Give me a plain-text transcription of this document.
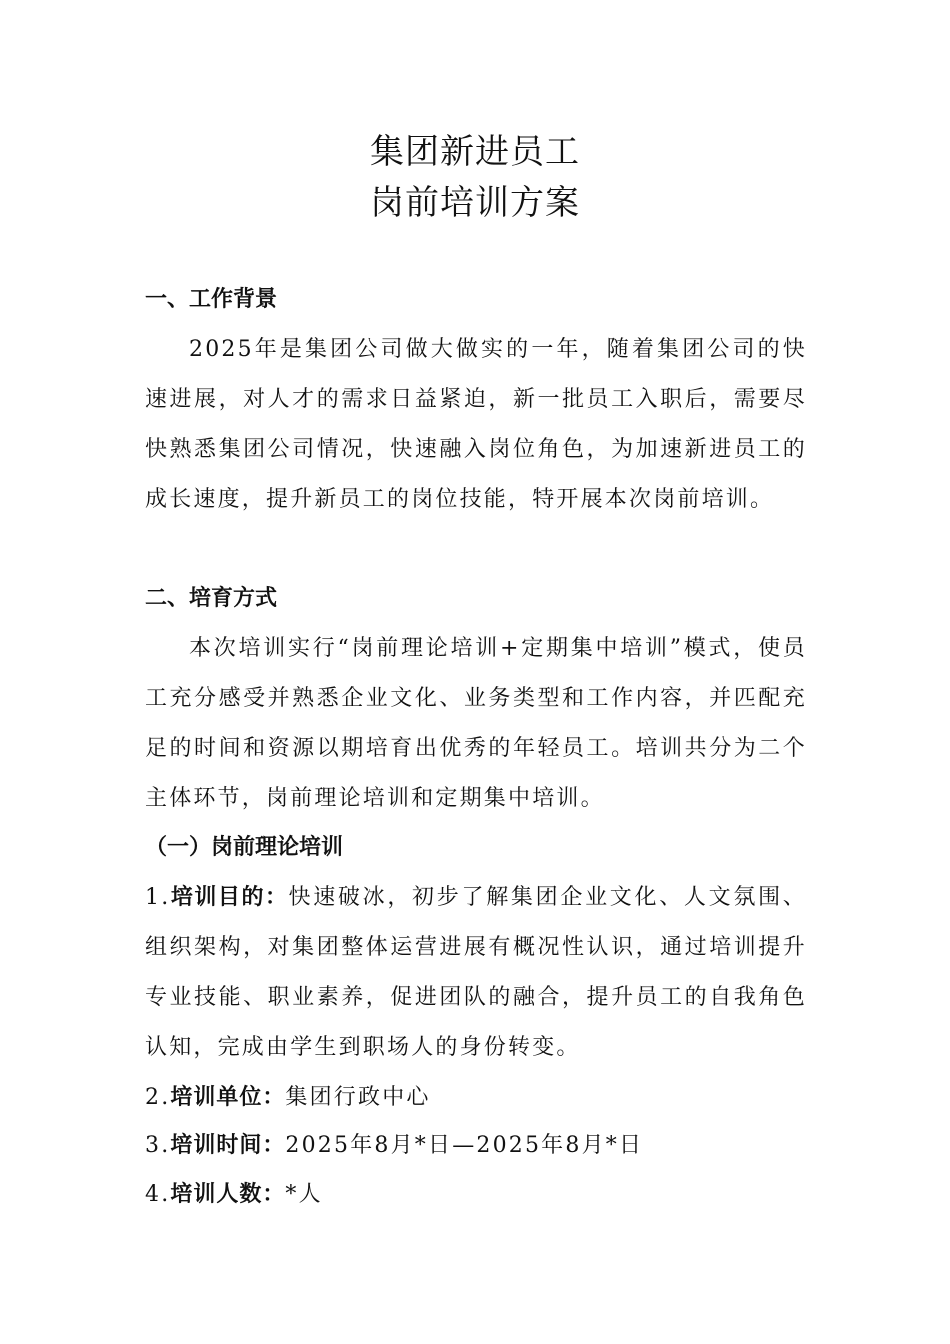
集团新进员工
岗前培训方案
一、工作背景
2025年是集团公司做大做实的一年，随着集团公司的快速进展，对人才的需求日益紧迫，新一批员工入职后，需要尽快熟悉集团公司情况，快速融入岗位角色，为加速新进员工的成长速度，提升新员工的岗位技能，特开展本次岗前培训。
二、培育方式
本次培训实行“岗前理论培训+定期集中培训”模式，使员工充分感受并熟悉企业文化、业务类型和工作内容，并匹配充足的时间和资源以期培育出优秀的年轻员工。培训共分为二个主体环节，岗前理论培训和定期集中培训。
（一）岗前理论培训
1.培训目的：快速破冰，初步了解集团企业文化、人文氛围、组织架构，对集团整体运营进展有概况性认识，通过培训提升专业技能、职业素养，促进团队的融合，提升员工的自我角色认知，完成由学生到职场人的身份转变。
2.培训单位：集团行政中心
3.培训时间：2025年8月*日—2025年8月*日
4.培训人数：*人
